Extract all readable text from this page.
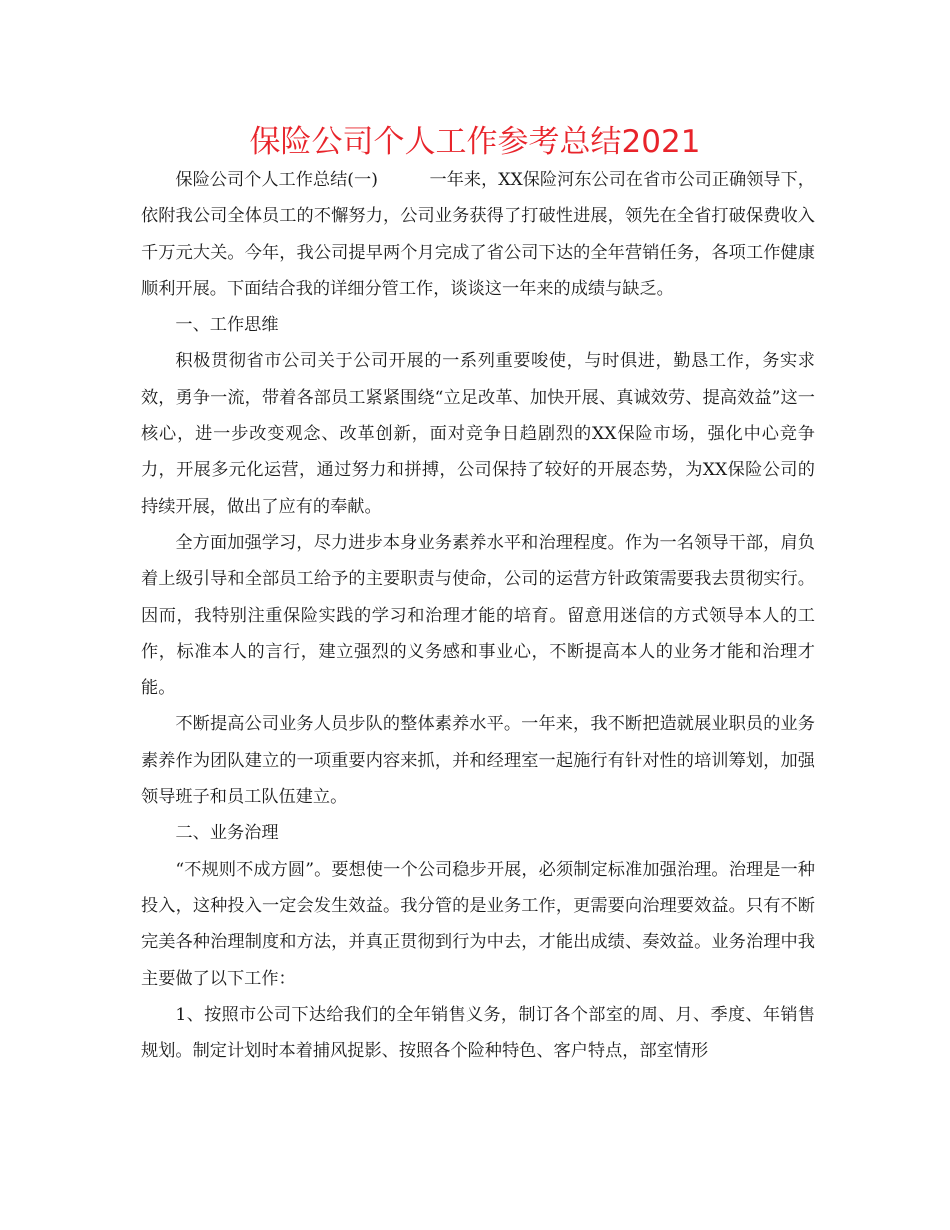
保险公司个人工作参考总结2021

保险公司个人工作总结(一)	一年来，XX保险河东公司在省市公司正确领导下，依附我公司全体员工的不懈努力，公司业务获得了打破性进展，领先在全省打破保费收入千万元大关。今年，我公司提早两个月完成了省公司下达的全年营销任务，各项工作健康顺利开展。下面结合我的详细分管工作，谈谈这一年来的成绩与缺乏。

一、工作思维

积极贯彻省市公司关于公司开展的一系列重要唆使，与时俱进，勤恳工作，务实求效，勇争一流，带着各部员工紧紧围绕“立足改革、加快开展、真诚效劳、提高效益”这一核心，进一步改变观念、改革创新，面对竞争日趋剧烈的XX保险市场，强化中心竞争力，开展多元化运营，通过努力和拼搏，公司保持了较好的开展态势，为XX保险公司的持续开展，做出了应有的奉献。

全方面加强学习，尽力进步本身业务素养水平和治理程度。作为一名领导干部，肩负着上级引导和全部员工给予的主要职责与使命，公司的运营方针政策需要我去贯彻实行。因而，我特别注重保险实践的学习和治理才能的培育。留意用迷信的方式领导本人的工作，标准本人的言行，建立强烈的义务感和事业心，不断提高本人的业务才能和治理才能。

不断提高公司业务人员步队的整体素养水平。一年来，我不断把造就展业职员的业务素养作为团队建立的一项重要内容来抓，并和经理室一起施行有针对性的培训筹划，加强领导班子和员工队伍建立。

二、业务治理

“不规则不成方圆”。要想使一个公司稳步开展，必须制定标准加强治理。治理是一种投入，这种投入一定会发生效益。我分管的是业务工作，更需要向治理要效益。只有不断完美各种治理制度和方法，并真正贯彻到行为中去，才能出成绩、奏效益。业务治理中我主要做了以下工作：

1、按照市公司下达给我们的全年销售义务，制订各个部室的周、月、季度、年销售规划。制定计划时本着捕风捉影、按照各个险种特色、客户特点，部室情形
